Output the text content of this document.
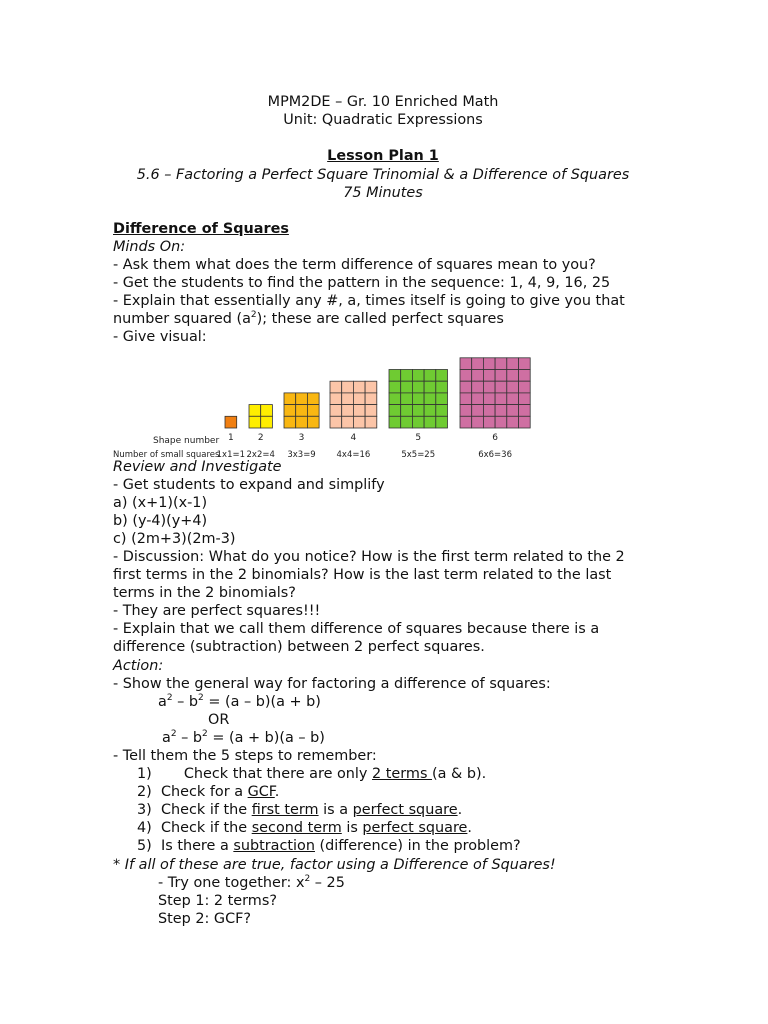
MPM2DE – Gr. 10 Enriched Math
Unit: Quadratic Expressions
Lesson Plan 1
5.6 – Factoring a Perfect Square Trinomial & a Difference of Squares
75 Minutes
Difference of Squares
Minds On:
- Ask them what does the term difference of squares mean to you?
- Get the students to find the pattern in the sequence: 1, 4, 9, 16, 25
- Explain that essentially any #, a, times itself is going to give you that
number squared $(a^2)$; these are called perfect squares
- Give visual:
Review and Investigate
- Get students to expand and simplify
a) (x+1)(x-1)
b) (y-4)(y+4)
c) (2m+3)(2m-3)
- Discussion: What do you notice? How is the first term related to the 2
first terms in the 2 binomials? How is the last term related to the last
terms in the 2 binomials?
- They are perfect squares!!!
- Explain that we call them difference of squares because there is a
difference (subtraction) between 2 perfect squares.
Action:
- Show the general way for factoring a difference of squares:
$a^2 - b^2 = (a - b)(a + b)$
OR
$a^2 - b^2 = (a + b)(a - b)$
- Tell them the 5 steps to remember:
1)     Check that there are only 2 terms (a & b).
2) Check for a GCF.
3) Check if the first term is a perfect square.
4) Check if the second term is perfect square.
5) Is there a subtraction (difference) in the problem?
* If all of these are true, factor using a Difference of Squares!
- Try one together: $x^2 - 25$
Step 1: 2 terms?
Step 2: GCF?
Shape number
Number of small squares
1
1x1=1
2
2x2=4
3
3x3=9
4
4x4=16
5
5x5=25
6
6x6=36
